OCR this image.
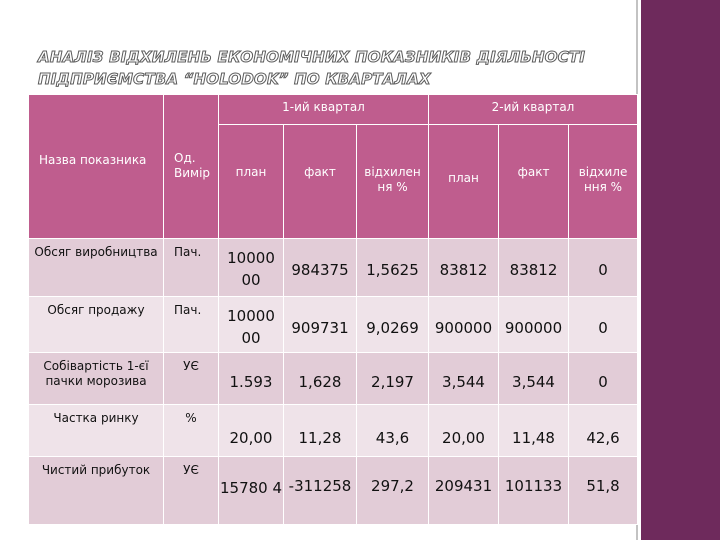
АНАЛІЗ ВІДХИЛЕНЬ ЕКОНОМІЧНИХ ПОКАЗНИКІВ ДІЯЛЬНОСТІ
ПІДПРИЄМСТВА “HOLODOK” ПО КВАРТАЛАХ
Назва показника	Од. Вимір	1-ий квартал			2-ий квартал		

		план	факт	відхилен ня %	план	факт	відхиле ння %

Обсяг виробництва	Пач.	10000 00	984375	1,5625	83812	83812	0

Обсяг продажу	Пач.	10000 00	909731	9,0269	900000	900000	0

Собівартість 1-єї пачки морозива	УЄ	1.593	1,628	2,197	3,544	3,544	0

Частка ринку	%	20,00	11,28	43,6	20,00	11,48	42,6

Чистий прибуток	УЄ	15780 4	-311258	297,2	209431	101133	51,8
